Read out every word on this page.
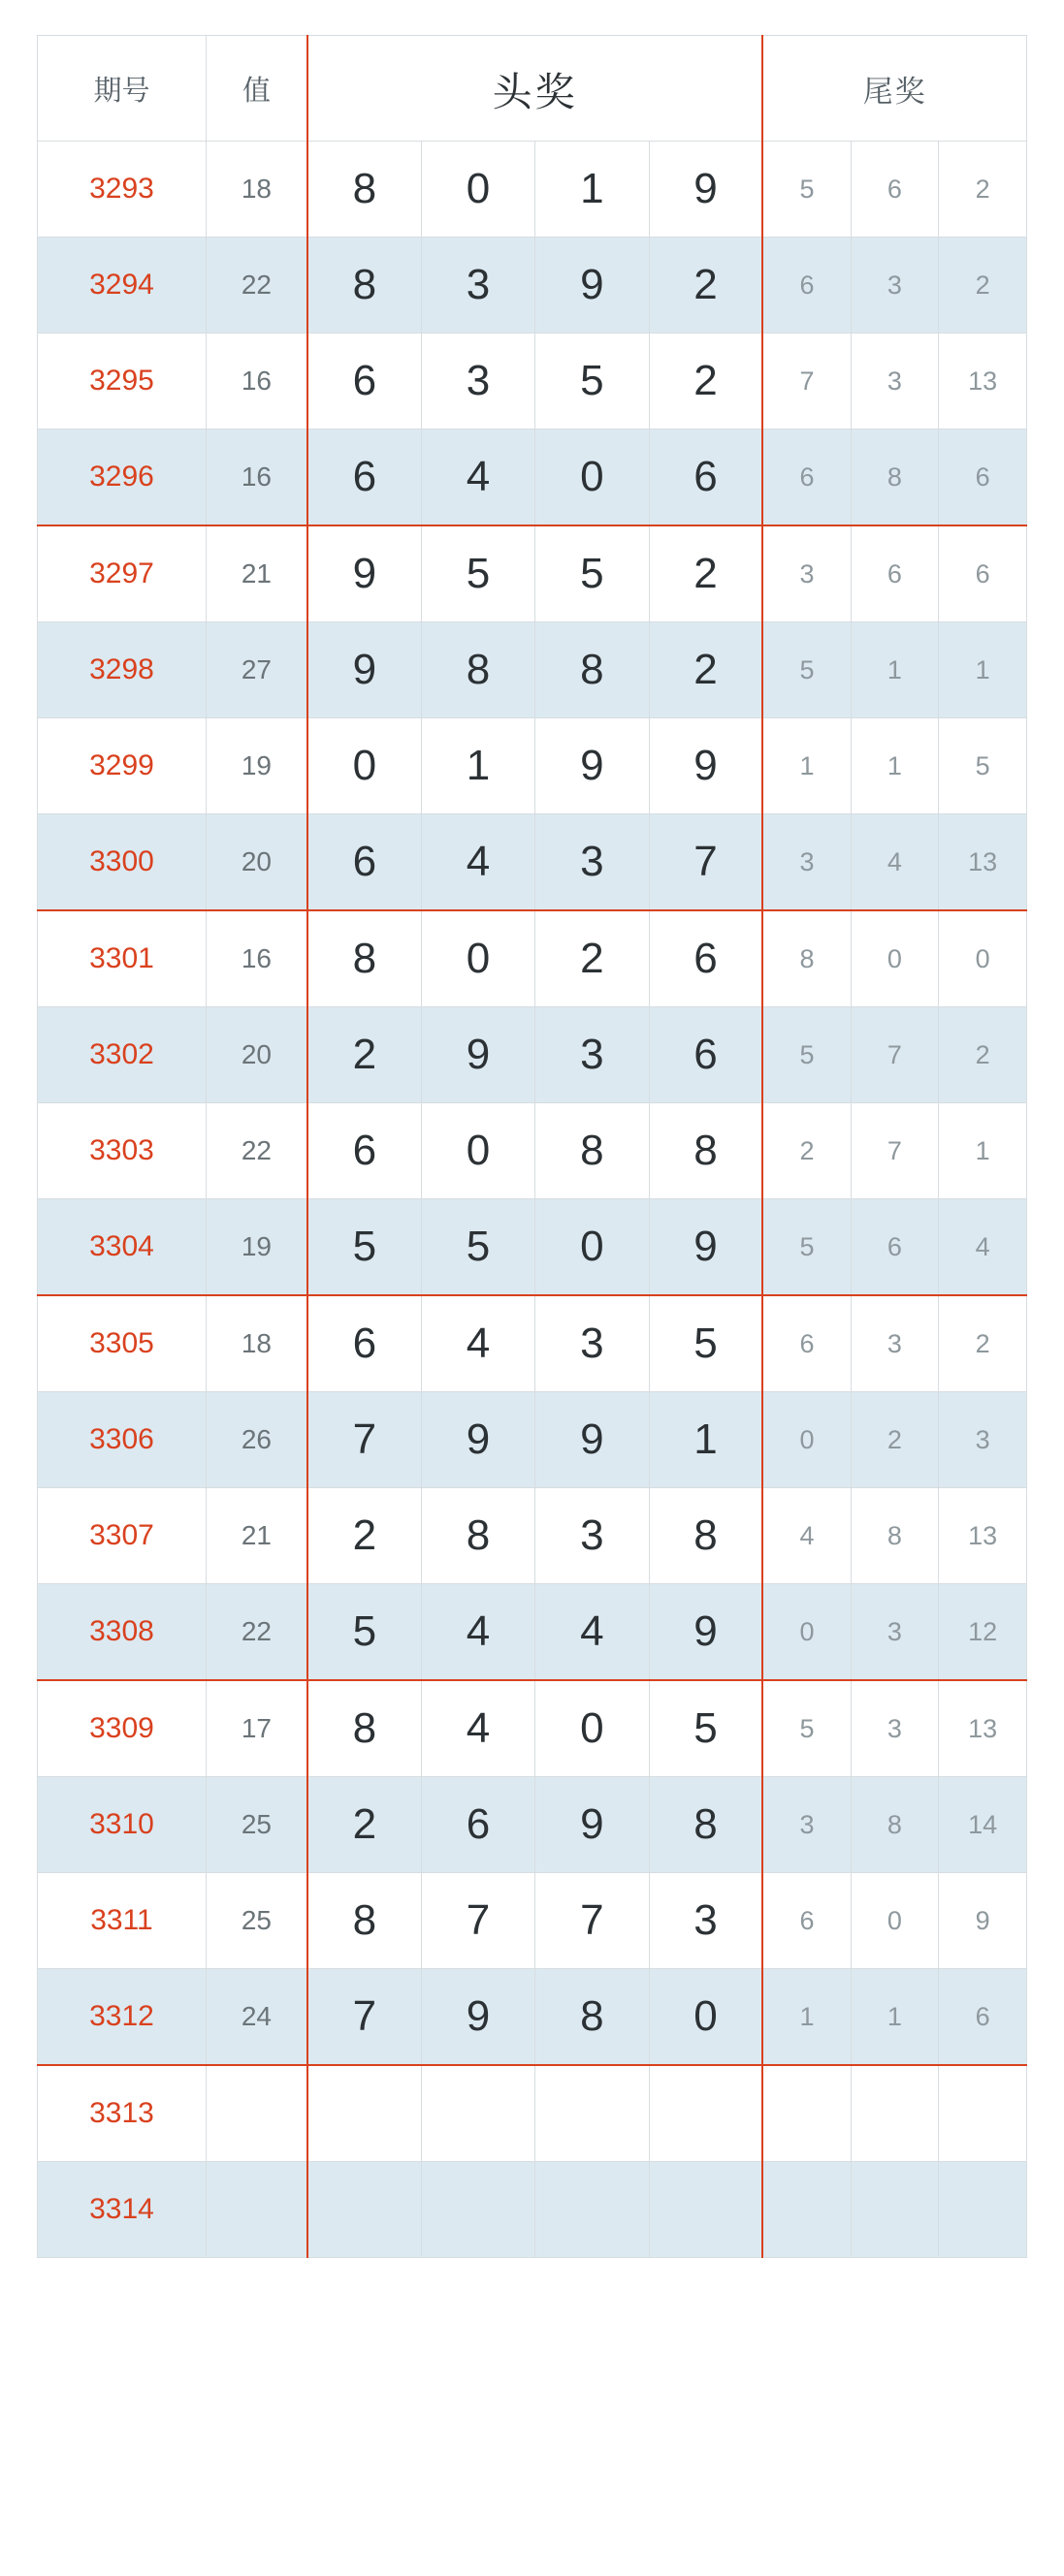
期号	值	头奖				尾奖		
3293	18	8	0	1	9	5	6	2
3294	22	8	3	9	2	6	3	2
3295	16	6	3	5	2	7	3	13
3296	16	6	4	0	6	6	8	6
3297	21	9	5	5	2	3	6	6
3298	27	9	8	8	2	5	1	1
3299	19	0	1	9	9	1	1	5
3300	20	6	4	3	7	3	4	13
3301	16	8	0	2	6	8	0	0
3302	20	2	9	3	6	5	7	2
3303	22	6	0	8	8	2	7	1
3304	19	5	5	0	9	5	6	4
3305	18	6	4	3	5	6	3	2
3306	26	7	9	9	1	0	2	3
3307	21	2	8	3	8	4	8	13
3308	22	5	4	4	9	0	3	12
3309	17	8	4	0	5	5	3	13
3310	25	2	6	9	8	3	8	14
3311	25	8	7	7	3	6	0	9
3312	24	7	9	8	0	1	1	6
3313								
3314								
